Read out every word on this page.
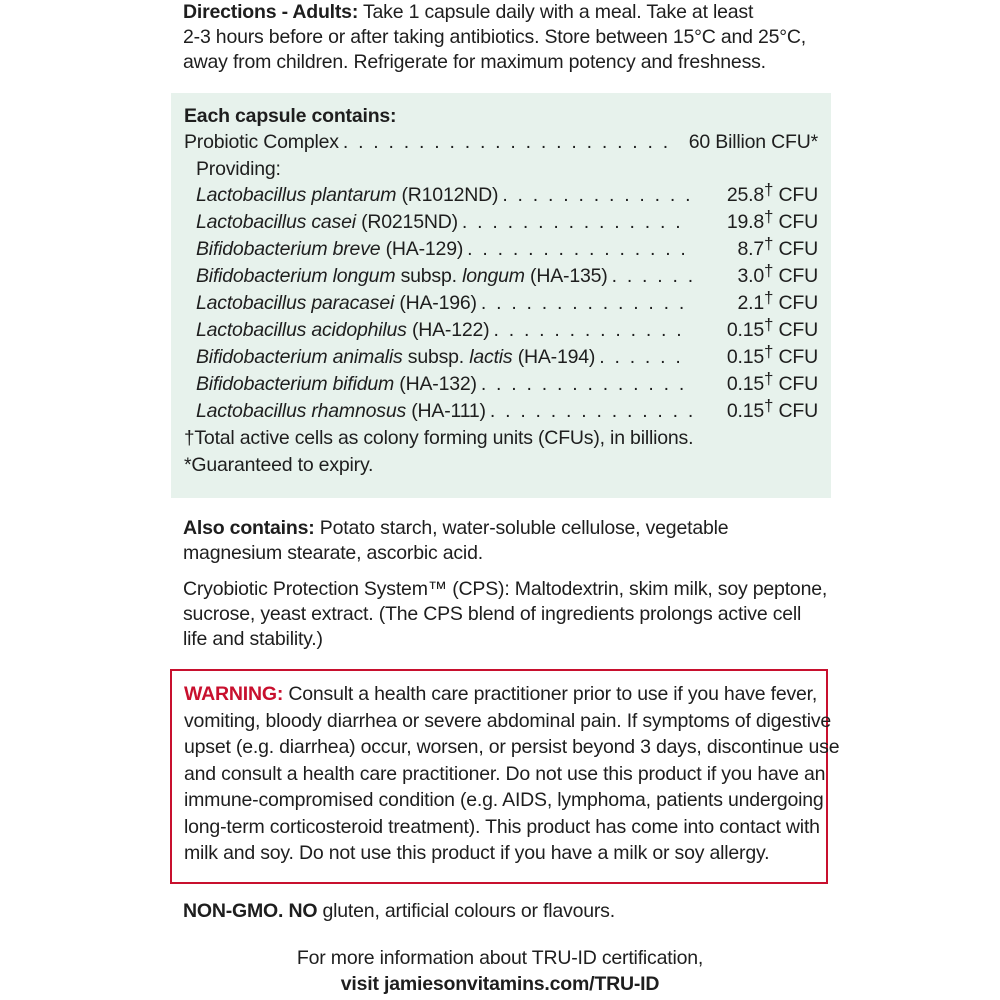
Directions - Adults: Take 1 capsule daily with a meal. Take at least
2-3 hours before or after taking antibiotics. Store between 15°C and 25°C,
away from children. Refrigerate for maximum potency and freshness.
Each capsule contains:
Probiotic Complex . . .	60 Billion CFU*
Providing:
Lactobacillus plantarum (R1012ND) . . .	25.8† CFU
Lactobacillus casei (R0215ND) . . .	19.8† CFU
Bifidobacterium breve (HA-129) . . .	8.7† CFU
Bifidobacterium longum subsp. longum (HA-135) . . .	3.0† CFU
Lactobacillus paracasei (HA-196) . . .	2.1† CFU
Lactobacillus acidophilus (HA-122) . . .	0.15† CFU
Bifidobacterium animalis subsp. lactis (HA-194) . . .	0.15† CFU
Bifidobacterium bifidum (HA-132) . . .	0.15† CFU
Lactobacillus rhamnosus (HA-111) . . .	0.15† CFU
†Total active cells as colony forming units (CFUs), in billions.
*Guaranteed to expiry.
Also contains: Potato starch, water-soluble cellulose, vegetable
magnesium stearate, ascorbic acid.
Cryobiotic Protection System™ (CPS): Maltodextrin, skim milk, soy peptone,
sucrose, yeast extract. (The CPS blend of ingredients prolongs active cell
life and stability.)
WARNING: Consult a health care practitioner prior to use if you have fever,
vomiting, bloody diarrhea or severe abdominal pain. If symptoms of digestive
upset (e.g. diarrhea) occur, worsen, or persist beyond 3 days, discontinue use
and consult a health care practitioner. Do not use this product if you have an
immune-compromised condition (e.g. AIDS, lymphoma, patients undergoing
long-term corticosteroid treatment). This product has come into contact with
milk and soy. Do not use this product if you have a milk or soy allergy.
NON-GMO. NO gluten, artificial colours or flavours.
For more information about TRU-ID certification,
visit jamiesonvitamins.com/TRU-ID
